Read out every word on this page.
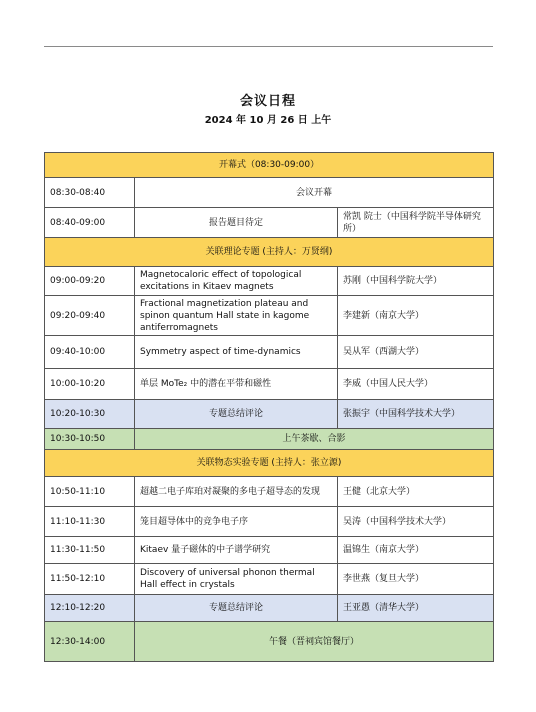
会议日程
2024 年 10 月 26 日 上午
开幕式（08:30-09:00）		
08:30-08:40	会议开幕	
08:40-09:00	报告题目待定	常凯 院士（中国科学院半导体研究所）
关联理论专题 (主持人：万贤纲)		
09:00-09:20	Magnetocaloric effect of topological excitations in Kitaev magnets	苏刚（中国科学院大学）
09:20-09:40	Fractional magnetization plateau and spinon quantum Hall state in kagome antiferromagnets	李建新（南京大学）
09:40-10:00	Symmetry aspect of time-dynamics	吴从军（西湖大学）
10:00-10:20	单层 MoTe₂ 中的潜在平带和磁性	李威（中国人民大学）
10:20-10:30	专题总结评论	张振宇（中国科学技术大学）
10:30-10:50	上午茶歇、合影	
关联物态实验专题 (主持人：张立源)		
10:50-11:10	超越二电子库珀对凝聚的多电子超导态的发现	王健（北京大学）
11:10-11:30	笼目超导体中的竞争电子序	吴涛（中国科学技术大学）
11:30-11:50	Kitaev 量子磁体的中子谱学研究	温锦生（南京大学）
11:50-12:10	Discovery of universal phonon thermal Hall effect in crystals	李世燕（复旦大学）
12:10-12:20	专题总结评论	王亚愚（清华大学）
12:30-14:00	午餐（晋祠宾馆餐厅）	
